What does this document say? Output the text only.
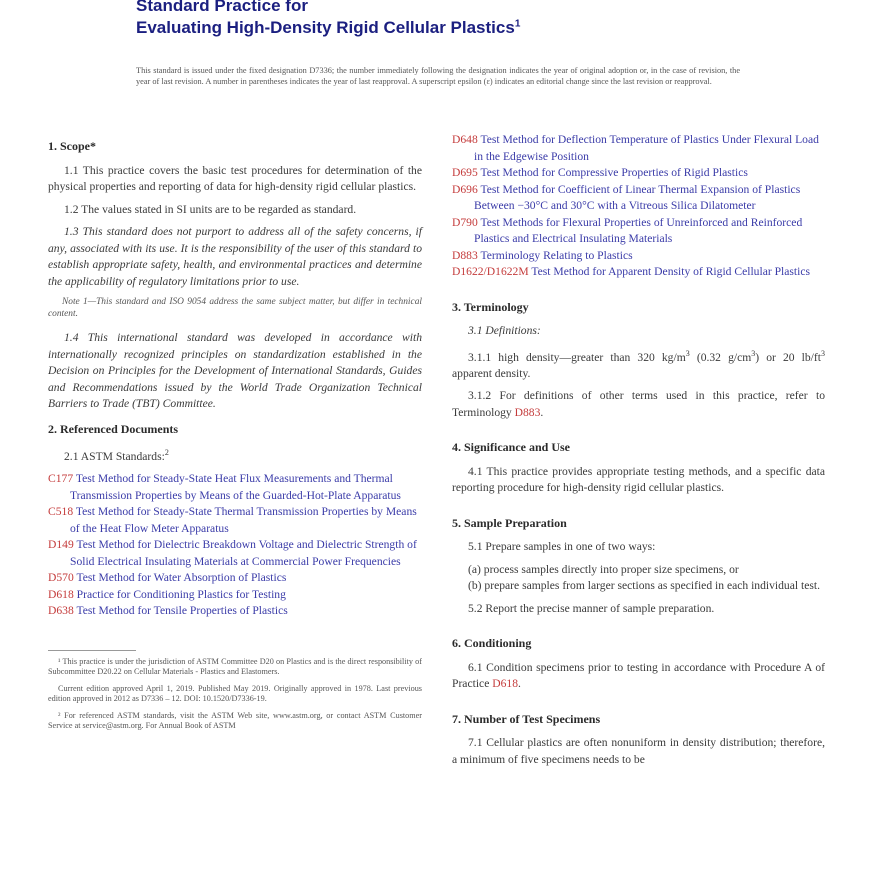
Standard Practice for
Evaluating High-Density Rigid Cellular Plastics$^1$
This standard is issued under the fixed designation D7336; the number immediately following the designation indicates the year of original adoption or, in the case of revision, the year of last revision. A number in parentheses indicates the year of last reapproval. A superscript epsilon (ε) indicates an editorial change since the last revision or reapproval.
1. Scope*

1.1 This practice covers the basic test procedures for determination of the physical properties and reporting of data for high-density rigid cellular plastics.

1.2 The values stated in SI units are to be regarded as standard.

1.3 This standard does not purport to address all of the safety concerns, if any, associated with its use. It is the responsibility of the user of this standard to establish appropriate safety, health, and environmental practices and determine the applicability of regulatory limitations prior to use.

Note 1—This standard and ISO 9054 address the same subject matter, but differ in technical content.

1.4 This international standard was developed in accordance with internationally recognized principles on standardization established in the Decision on Principles for the Development of International Standards, Guides and Recommendations issued by the World Trade Organization Technical Barriers to Trade (TBT) Committee.

2. Referenced Documents

2.1 ASTM Standards:$^2$

C177 Test Method for Steady-State Heat Flux Measurements and Thermal Transmission Properties by Means of the Guarded-Hot-Plate Apparatus
C518 Test Method for Steady-State Thermal Transmission Properties by Means of the Heat Flow Meter Apparatus
D149 Test Method for Dielectric Breakdown Voltage and Dielectric Strength of Solid Electrical Insulating Materials at Commercial Power Frequencies
D570 Test Method for Water Absorption of Plastics
D618 Practice for Conditioning Plastics for Testing
D638 Test Method for Tensile Properties of Plastics
¹ This practice is under the jurisdiction of ASTM Committee D20 on Plastics and is the direct responsibility of Subcommittee D20.22 on Cellular Materials - Plastics and Elastomers.
Current edition approved April 1, 2019. Published May 2019. Originally approved in 1978. Last previous edition approved in 2012 as D7336 – 12. DOI: 10.1520/D7336-19.
² For referenced ASTM standards, visit the ASTM Web site, www.astm.org, or contact ASTM Customer Service at service@astm.org. For Annual Book of ASTM
D648 Test Method for Deflection Temperature of Plastics Under Flexural Load in the Edgewise Position
D695 Test Method for Compressive Properties of Rigid Plastics
D696 Test Method for Coefficient of Linear Thermal Expansion of Plastics Between −30°C and 30°C with a Vitreous Silica Dilatometer
D790 Test Methods for Flexural Properties of Unreinforced and Reinforced Plastics and Electrical Insulating Materials
D883 Terminology Relating to Plastics
D1622/D1622M Test Method for Apparent Density of Rigid Cellular Plastics
3. Terminology

3.1 Definitions:

3.1.1 high density—greater than 320 $kg/m^3$ (0.32 $g/cm^3$) or 20 $lb/ft^3$ apparent density.

3.1.2 For definitions of other terms used in this practice, refer to Terminology D883.

4. Significance and Use

4.1 This practice provides appropriate testing methods, and a specific data reporting procedure for high-density rigid cellular plastics.

5. Sample Preparation

5.1 Prepare samples in one of two ways:

(a) process samples directly into proper size specimens, or

(b) prepare samples from larger sections as specified in each individual test.

5.2 Report the precise manner of sample preparation.

6. Conditioning

6.1 Condition specimens prior to testing in accordance with Procedure A of Practice D618.

7. Number of Test Specimens

7.1 Cellular plastics are often nonuniform in density distribution; therefore, a minimum of five specimens needs to be
